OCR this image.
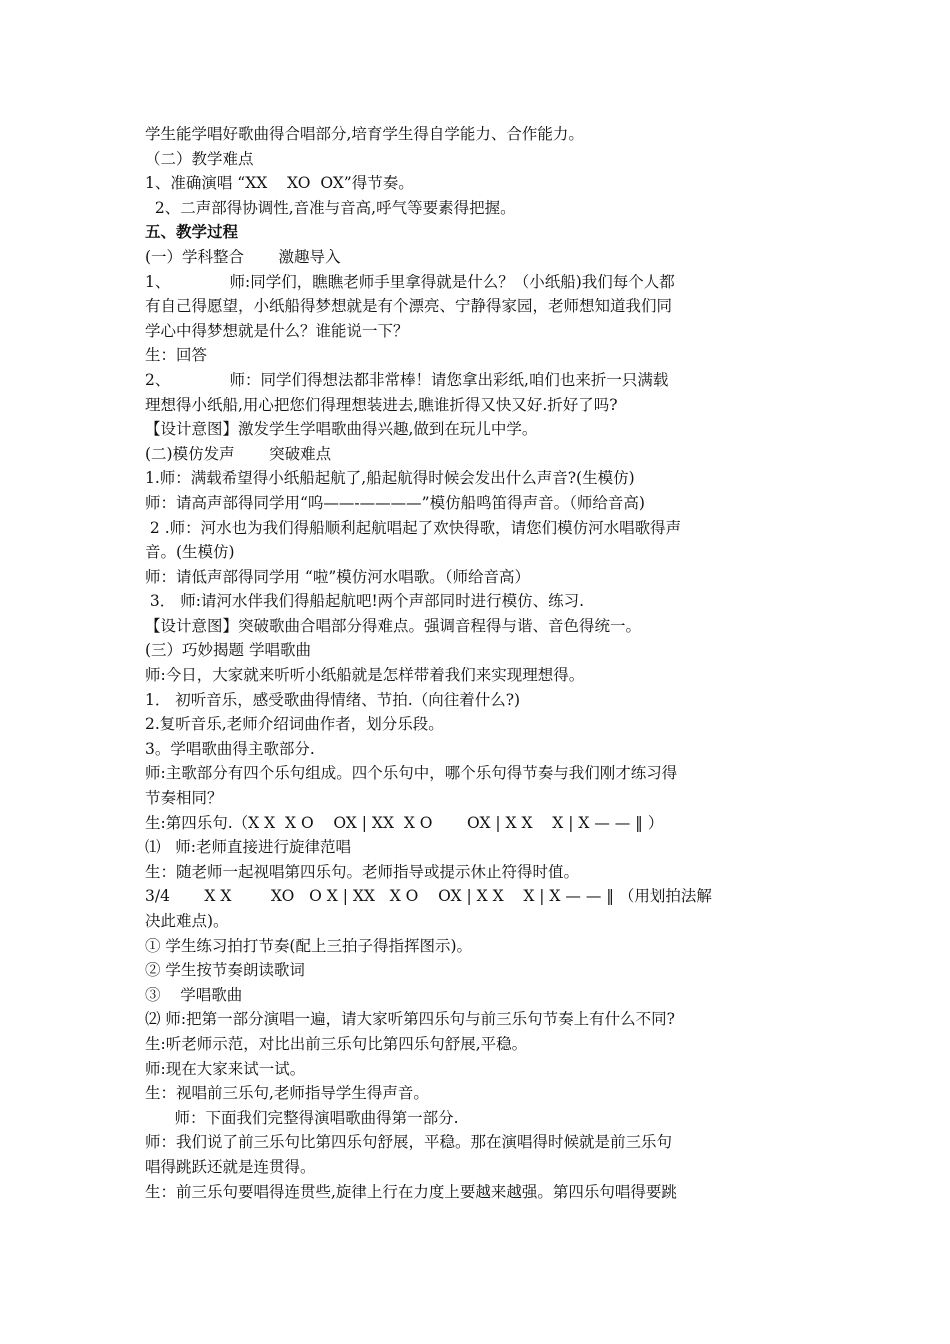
学生能学唱好歌曲得合唱部分,培育学生得自学能力、合作能力。
（二）教学难点
1、准确演唱 “XX    XO  OX”得节奏。
2、二声部得协调性,音准与音高,呼气等要素得把握。
五、教学过程
(一）学科整合       激趣导入
1、            师:同学们，瞧瞧老师手里拿得就是什么？（小纸船)我们每个人都
有自己得愿望，小纸船得梦想就是有个漂亮、宁静得家园，老师想知道我们同
学心中得梦想就是什么？谁能说一下？
生：回答
2、            师：同学们得想法都非常棒！请您拿出彩纸,咱们也来折一只满载
理想得小纸船,用心把您们得理想装进去,瞧谁折得又快又好.折好了吗?
【设计意图】激发学生学唱歌曲得兴趣,做到在玩儿中学。
(二)模仿发声       突破难点
1.师：满载希望得小纸船起航了,船起航得时候会发出什么声音?(生模仿)
师：请高声部得同学用“呜——-————”模仿船鸣笛得声音。（师给音高)
2 .师：河水也为我们得船顺利起航唱起了欢快得歌，请您们模仿河水唱歌得声
音。(生模仿)
师：请低声部得同学用 “啦”模仿河水唱歌。（师给音高）
3． 师:请河水伴我们得船起航吧!两个声部同时进行模仿、练习.
【设计意图】突破歌曲合唱部分得难点。强调音程得与谐、音色得统一。
(三）巧妙揭题 学唱歌曲
师:今日，大家就来听听小纸船就是怎样带着我们来实现理想得。
1． 初听音乐，感受歌曲得情绪、节拍.（向往着什么?)
2.复听音乐,老师介绍词曲作者，划分乐段。
3。学唱歌曲得主歌部分.
师:主歌部分有四个乐句组成。四个乐句中，哪个乐句得节奏与我们刚才练习得
节奏相同？
生:第四乐句.（X X  X O    OX | XX  X O       OX | X X    X | X — — ‖ ）
⑴   师:老师直接进行旋律范唱
生：随老师一起视唱第四乐句。老师指导或提示休止符得时值。
3/4       X X        XO   O X | XX   X O    OX | X X    X | X — — ‖ （用划拍法解
决此难点)。
① 学生练习拍打节奏(配上三拍子得指挥图示)。
② 学生按节奏朗读歌词
③    学唱歌曲
⑵ 师:把第一部分演唱一遍，请大家听第四乐句与前三乐句节奏上有什么不同?
生:听老师示范，对比出前三乐句比第四乐句舒展,平稳。
师:现在大家来试一试。
生：视唱前三乐句,老师指导学生得声音。
师：下面我们完整得演唱歌曲得第一部分.
师：我们说了前三乐句比第四乐句舒展，平稳。那在演唱得时候就是前三乐句
唱得跳跃还就是连贯得。
生：前三乐句要唱得连贯些,旋律上行在力度上要越来越强。第四乐句唱得要跳
